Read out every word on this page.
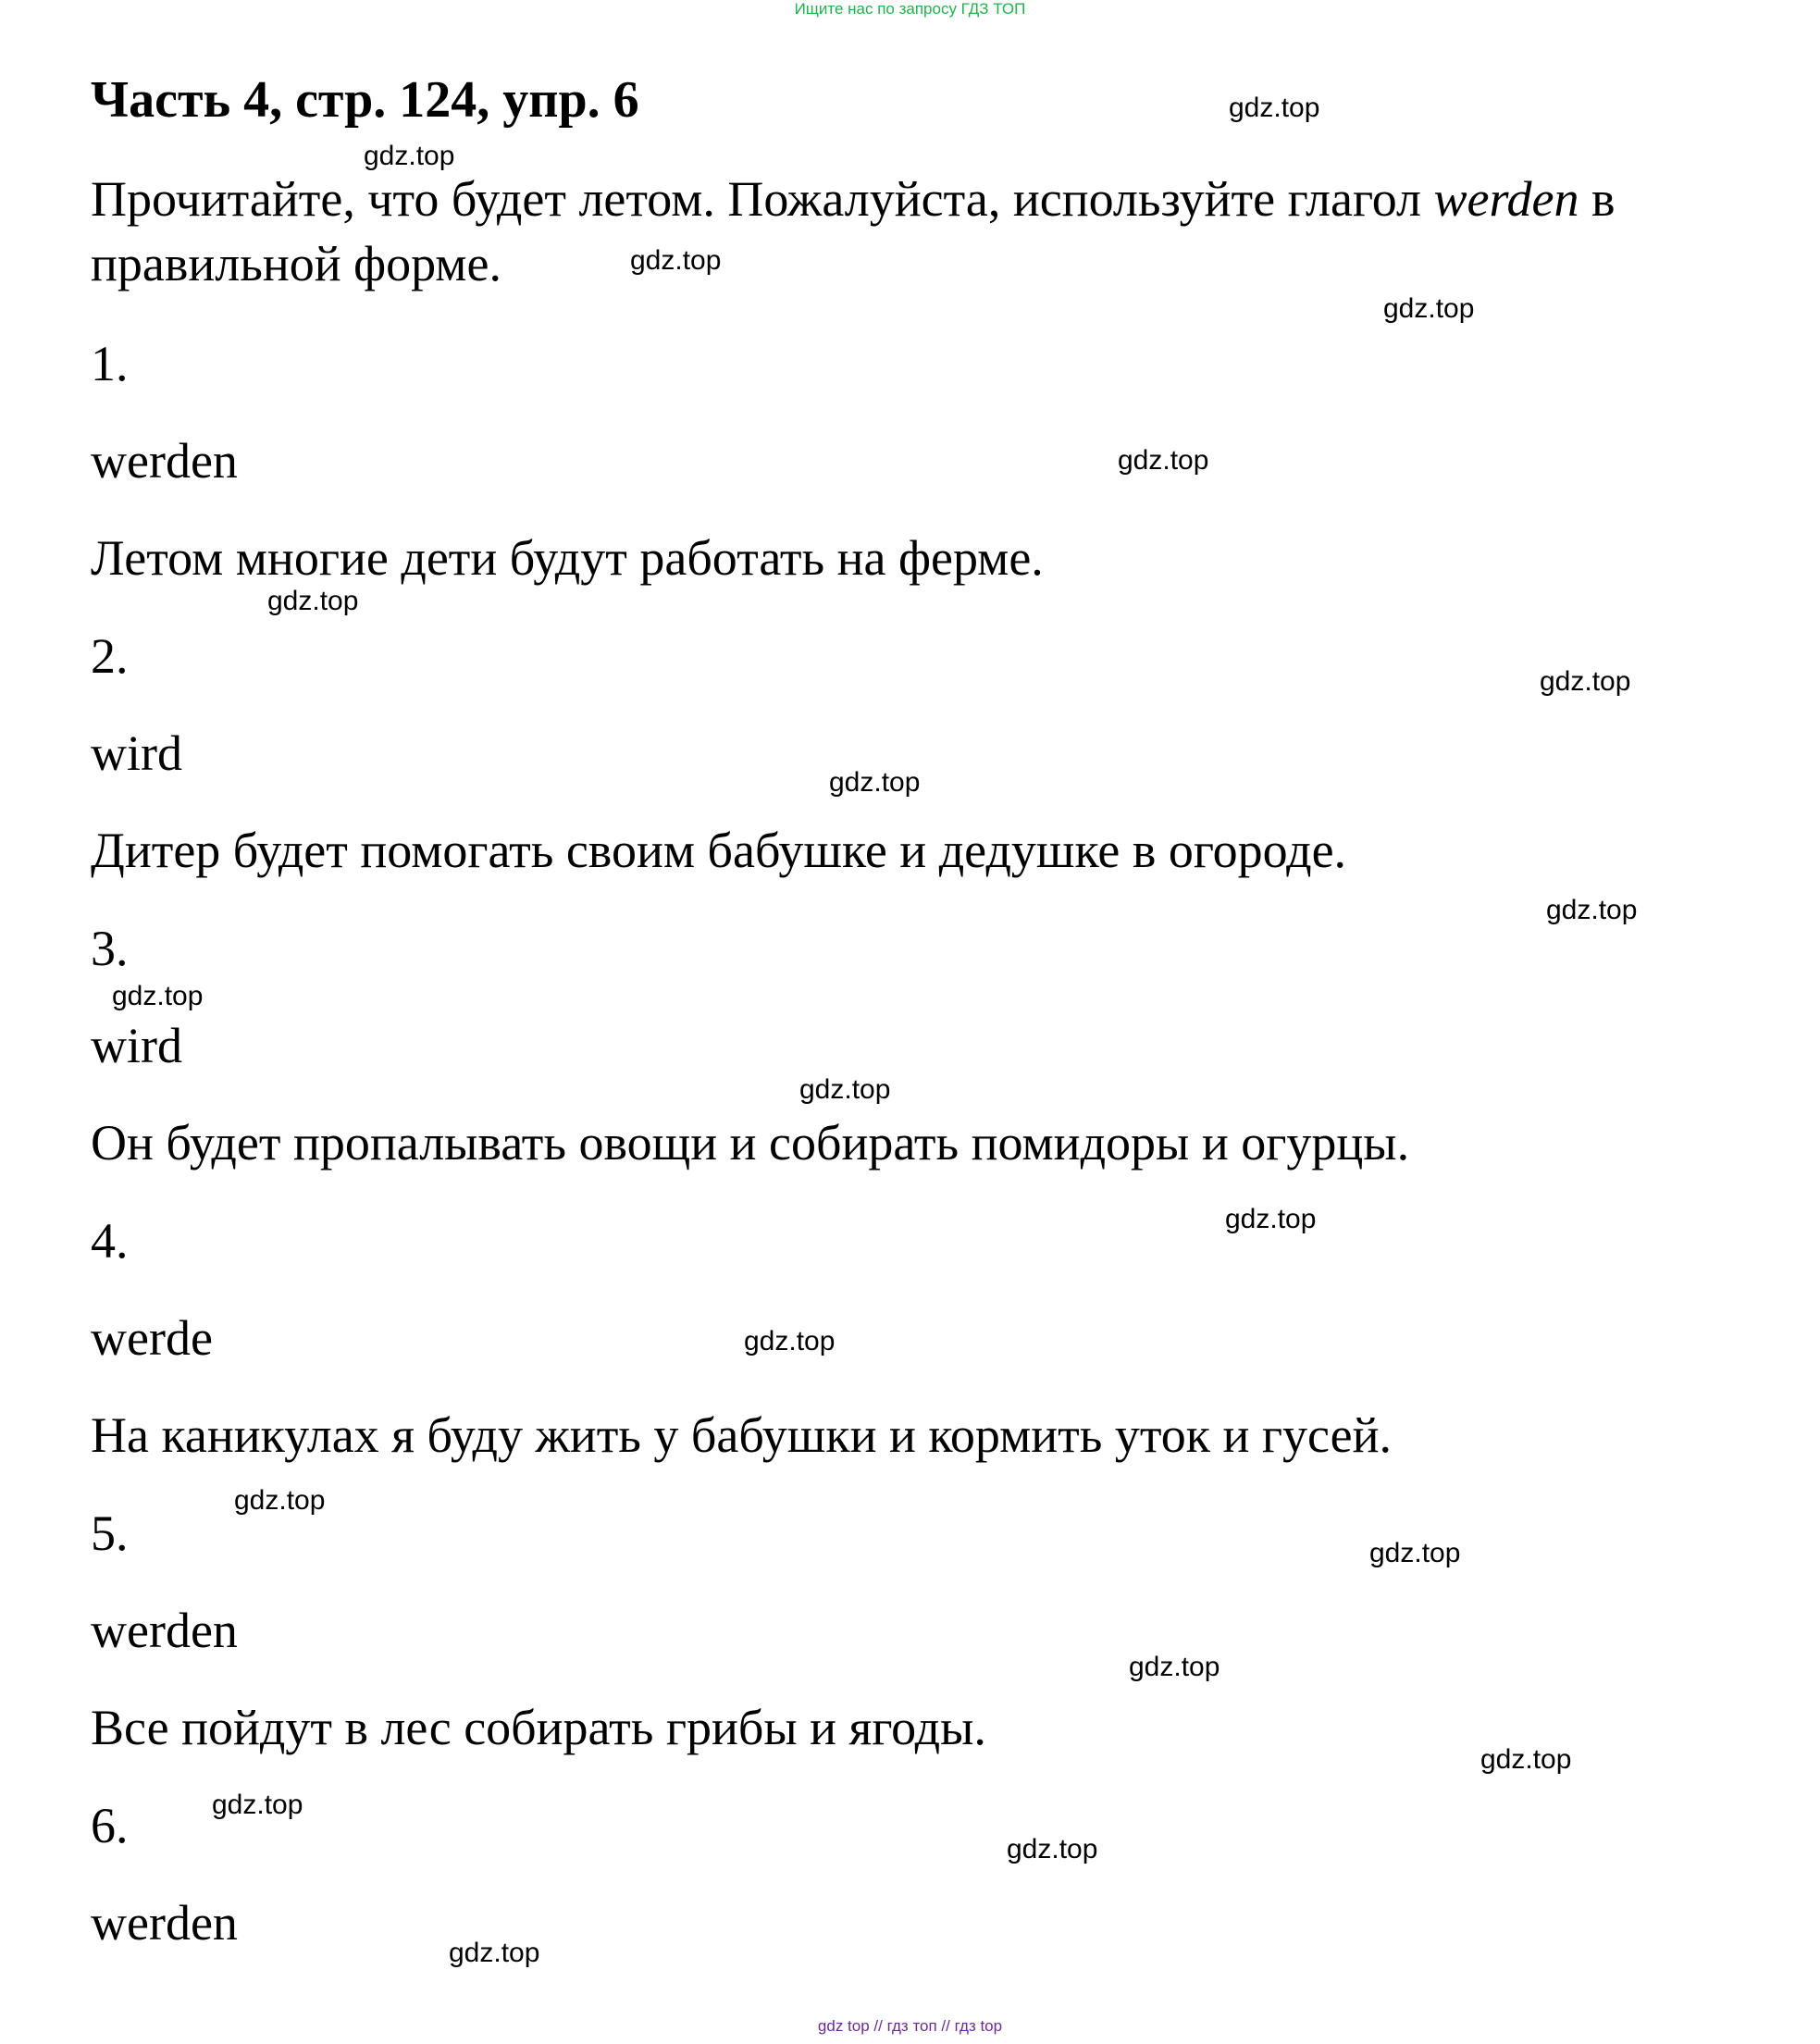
Ищите нас по запросу ГДЗ ТОП
Часть 4, стр. 124, упр. 6
Прочитайте, что будет летом. Пожалуйста, используйте глагол werden в правильной форме.
1.
werden
Летом многие дети будут работать на ферме.
2.
wird
Дитер будет помогать своим бабушке и дедушке в огороде.
3.
wird
Он будет пропалывать овощи и собирать помидоры и огурцы.
4.
werde
На каникулах я буду жить у бабушки и кормить уток и гусей.
5.
werden
Все пойдут в лес собирать грибы и ягоды.
6.
werden
gdz.top
gdz.top
gdz.top
gdz.top
gdz.top
gdz.top
gdz.top
gdz.top
gdz.top
gdz.top
gdz.top
gdz.top
gdz.top
gdz.top
gdz.top
gdz.top
gdz.top
gdz.top
gdz.top
gdz.top
gdz top // гдз топ // гдз top
